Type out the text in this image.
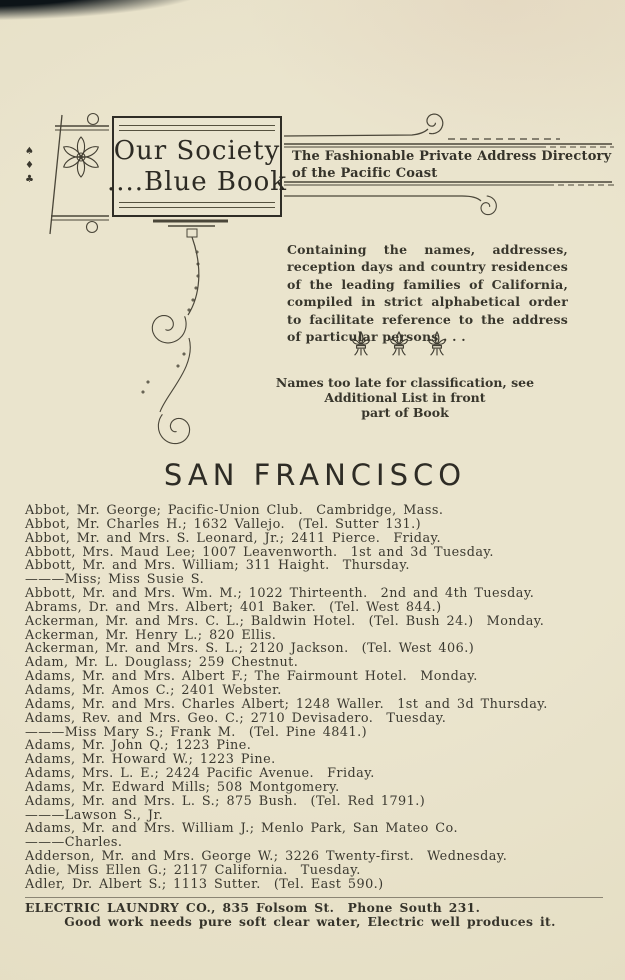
♠
♦
♣
Our Society
....Blue Book
The Fashionable Private Address Directory
of the Pacific Coast

Containing the names, addresses, reception days and country residences of the leading families of California, compiled in strict alphabetical order to facilitate reference to the address of particular persons . . .

Names too late for classification, see
Additional List in front
part of Book
SAN FRANCISCO
Abbot, Mr. George; Pacific-Union Club.  Cambridge, Mass.
Abbot, Mr. Charles H.; 1632 Vallejo.  (Tel. Sutter 131.)
Abbot, Mr. and Mrs. S. Leonard, Jr.; 2411 Pierce.  Friday.
Abbott, Mrs. Maud Lee; 1007 Leavenworth.  1st and 3d Tuesday.
Abbott, Mr. and Mrs. William; 311 Haight.  Thursday.
———Miss; Miss Susie S.
Abbott, Mr. and Mrs. Wm. M.; 1022 Thirteenth.  2nd and 4th Tuesday.
Abrams, Dr. and Mrs. Albert; 401 Baker.  (Tel. West 844.)
Ackerman, Mr. and Mrs. C. L.; Baldwin Hotel.  (Tel. Bush 24.)  Monday.
Ackerman, Mr. Henry L.; 820 Ellis.
Ackerman, Mr. and Mrs. S. L.; 2120 Jackson.  (Tel. West 406.)
Adam, Mr. L. Douglass; 259 Chestnut.
Adams, Mr. and Mrs. Albert F.; The Fairmount Hotel.  Monday.
Adams, Mr. Amos C.; 2401 Webster.
Adams, Mr. and Mrs. Charles Albert; 1248 Waller.  1st and 3d Thursday.
Adams, Rev. and Mrs. Geo. C.; 2710 Devisadero.  Tuesday.
———Miss Mary S.; Frank M.  (Tel. Pine 4841.)
Adams, Mr. John Q.; 1223 Pine.
Adams, Mr. Howard W.; 1223 Pine.
Adams, Mrs. L. E.; 2424 Pacific Avenue.  Friday.
Adams, Mr. Edward Mills; 508 Montgomery.
Adams, Mr. and Mrs. L. S.; 875 Bush.  (Tel. Red 1791.)
———Lawson S., Jr.
Adams, Mr. and Mrs. William J.; Menlo Park, San Mateo Co.
———Charles.
Adderson, Mr. and Mrs. George W.; 3226 Twenty-first.  Wednesday.
Adie, Miss Ellen G.; 2117 California.  Tuesday.
Adler, Dr. Albert S.; 1113 Sutter.  (Tel. East 590.)
ELECTRIC LAUNDRY CO., 835 Folsom St.  Phone South 231.
Good work needs pure soft clear water, Electric well produces it.
